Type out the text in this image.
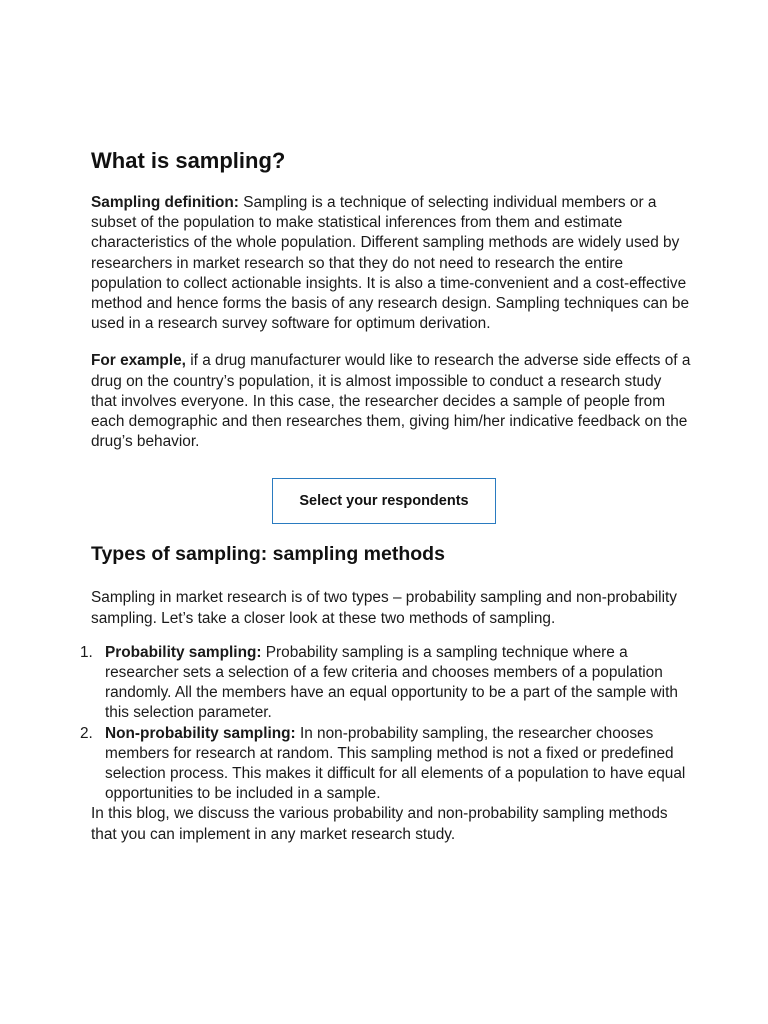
What is sampling?

Sampling definition: Sampling is a technique of selecting individual members or a subset of the population to make statistical inferences from them and estimate characteristics of the whole population. Different sampling methods are widely used by researchers in market research so that they do not need to research the entire population to collect actionable insights. It is also a time-convenient and a cost-effective method and hence forms the basis of any research design. Sampling techniques can be used in a research survey software for optimum derivation.

For example, if a drug manufacturer would like to research the adverse side effects of a drug on the country’s population, it is almost impossible to conduct a research study that involves everyone. In this case, the researcher decides a sample of people from each demographic and then researches them, giving him/her indicative feedback on the drug’s behavior.

Select your respondents
Types of sampling: sampling methods

Sampling in market research is of two types – probability sampling and non-probability sampling. Let’s take a closer look at these two methods of sampling.

1. Probability sampling: Probability sampling is a sampling technique where a researcher sets a selection of a few criteria and chooses members of a population randomly. All the members have an equal opportunity to be a part of the sample with this selection parameter.
2. Non-probability sampling: In non-probability sampling, the researcher chooses members for research at random. This sampling method is not a fixed or predefined selection process. This makes it difficult for all elements of a population to have equal opportunities to be included in a sample.

In this blog, we discuss the various probability and non-probability sampling methods that you can implement in any market research study.
